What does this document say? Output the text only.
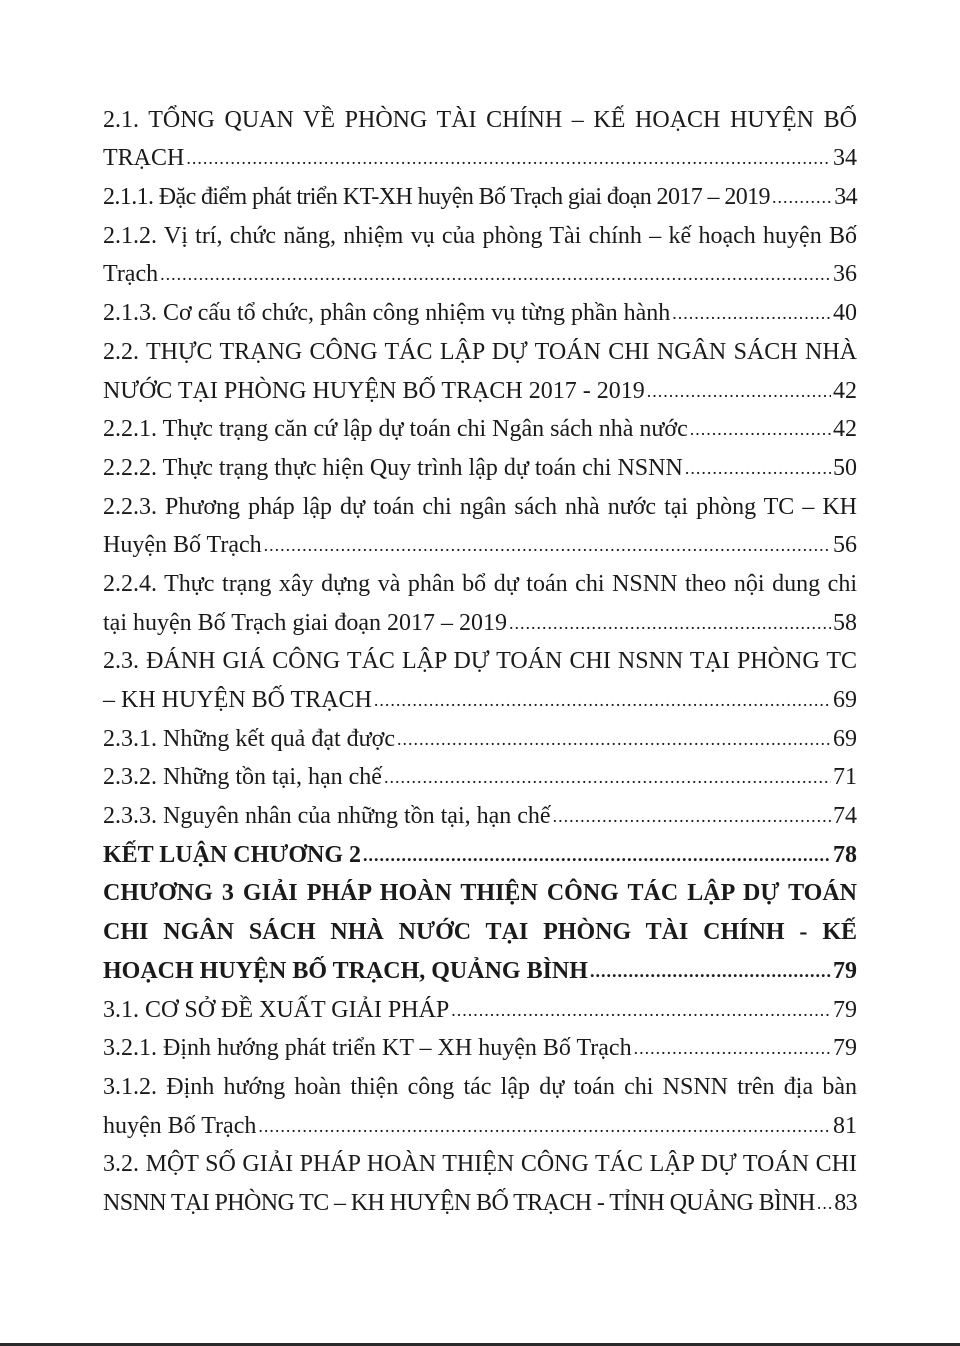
2.1. TỔNG QUAN VỀ PHÒNG TÀI CHÍNH – KẾ HOẠCH HUYỆN BỐ
TRẠCH .....	34
2.1.1. Đặc điểm phát triển KT-XH huyện Bố Trạch giai đoạn 2017 – 2019 .....	34
2.1.2. Vị trí, chức năng, nhiệm vụ của phòng Tài chính – kế hoạch huyện Bố
Trạch .....	36
2.1.3. Cơ cấu tổ chức, phân công nhiệm vụ từng phần hành .....	40
2.2. THỰC TRẠNG CÔNG TÁC LẬP DỰ TOÁN CHI NGÂN SÁCH NHÀ
NƯỚC TẠI PHÒNG HUYỆN BỐ TRẠCH 2017 - 2019 .....	42
2.2.1. Thực trạng căn cứ lập dự toán chi Ngân sách nhà nước .....	42
2.2.2. Thực trạng thực hiện Quy trình lập dự toán chi NSNN .....	50
2.2.3. Phương pháp lập dự toán chi ngân sách nhà nước tại phòng TC – KH
Huyện Bố Trạch .....	56
2.2.4. Thực trạng xây dựng và phân bổ dự toán chi NSNN theo nội dung chi
tại huyện Bố Trạch giai đoạn 2017 – 2019 .....	58
2.3. ĐÁNH GIÁ CÔNG TÁC LẬP DỰ TOÁN CHI NSNN TẠI PHÒNG TC
– KH HUYỆN BỐ TRẠCH .....	69
2.3.1. Những kết quả đạt được .....	69
2.3.2. Những tồn tại, hạn chế .....	71
2.3.3. Nguyên nhân của những tồn tại, hạn chế .....	74
KẾT LUẬN CHƯƠNG 2 .....	78
CHƯƠNG 3 GIẢI PHÁP HOÀN THIỆN CÔNG TÁC LẬP DỰ TOÁN
CHI NGÂN SÁCH NHÀ NƯỚC TẠI PHÒNG TÀI CHÍNH - KẾ
HOẠCH HUYỆN BỐ TRẠCH, QUẢNG BÌNH .....	79
3.1. CƠ SỞ ĐỀ XUẤT GIẢI PHÁP .....	79
3.2.1. Định hướng phát triển KT – XH huyện Bố Trạch .....	79
3.1.2. Định hướng hoàn thiện công tác lập dự toán chi NSNN trên địa bàn
huyện Bố Trạch .....	81
3.2. MỘT SỐ GIẢI PHÁP HOÀN THIỆN CÔNG TÁC LẬP DỰ TOÁN CHI
NSNN TẠI PHÒNG TC – KH HUYỆN BỐ TRẠCH - TỈNH QUẢNG BÌNH ..... 83
